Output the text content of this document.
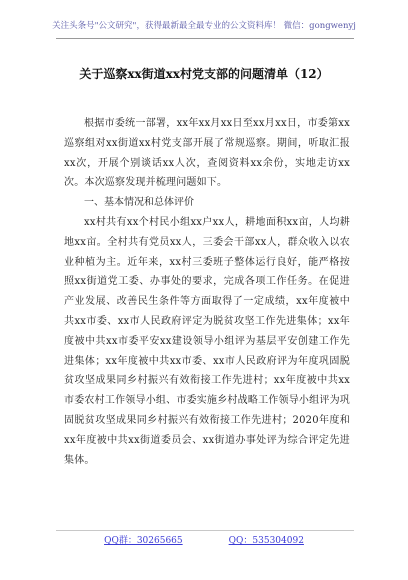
关注头条号"公文研究"，获得最新最全最专业的公文资料库！ 微信：gongwenyj
关于巡察xx街道xx村党支部的问题清单（12）

根据市委统一部署，xx年xx月xx日至xx月xx日，市委第xx巡察组对xx街道xx村党支部开展了常规巡察。期间，听取汇报xx次，开展个别谈话xx人次，查阅资料xx余份，实地走访xx次。本次巡察发现并梳理问题如下。

一、基本情况和总体评价

xx村共有xx个村民小组xx户xx人，耕地面积xx亩，人均耕地xx亩。全村共有党员xx人，三委会干部xx人，群众收入以农业种植为主。近年来，xx村三委班子整体运行良好，能严格按照xx街道党工委、办事处的要求，完成各项工作任务。在促进产业发展、改善民生条件等方面取得了一定成绩，xx年度被中共xx市委、xx市人民政府评定为脱贫攻坚工作先进集体；xx年度被中共xx市委平安xx建设领导小组评为基层平安创建工作先进集体；xx年度被中共xx市委、xx市人民政府评为年度巩固脱贫攻坚成果同乡村振兴有效衔接工作先进村；xx年度被中共xx市委农村工作领导小组、市委实施乡村战略工作领导小组评为巩固脱贫攻坚成果同乡村振兴有效衔接工作先进村；2020年度和xx年度被中共xx街道委员会、xx街道办事处评为综合评定先进集体。

QQ群：30265665	QQ：535304092
